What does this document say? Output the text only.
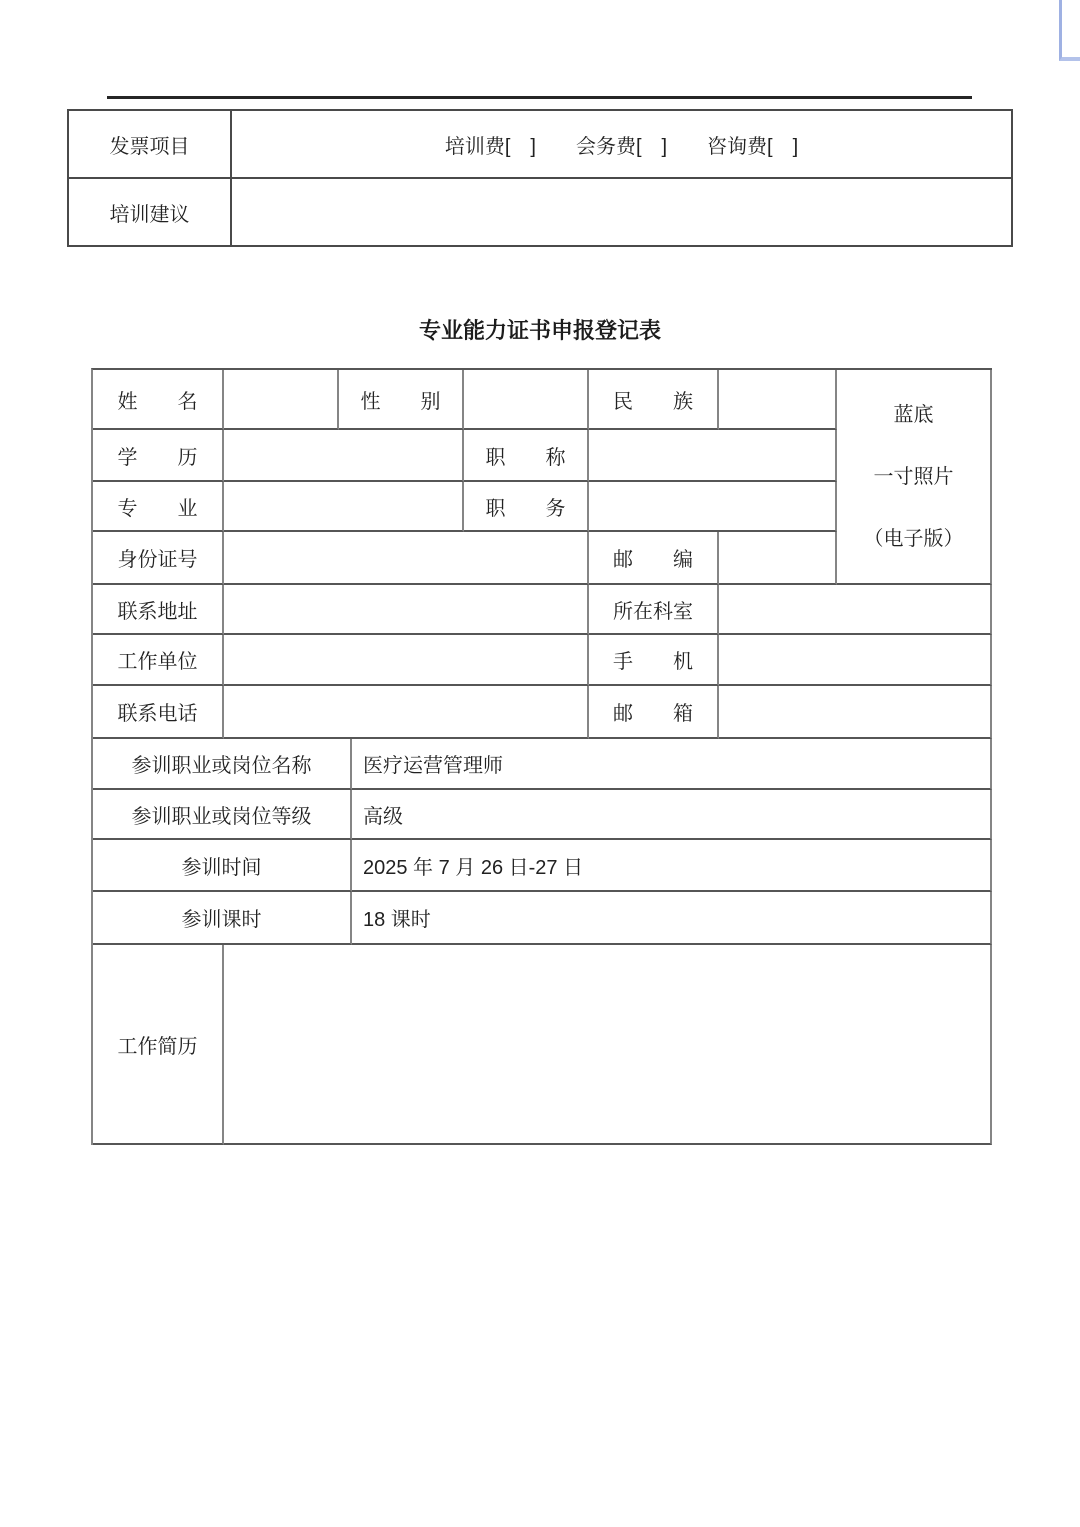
发票项目	培训费[　]　　会务费[　]　　咨询费[　]
培训建议
专业能力证书申报登记表
姓　　名	性　　别	民　　族
蓝底
一寸照片
（电子版）
学　　历	职　　称
专　　业	职　　务
身份证号	邮　　编
联系地址	所在科室
工作单位	手　　机
联系电话	邮　　箱
参训职业或岗位名称	医疗运营管理师
参训职业或岗位等级	高级
参训时间	2025 年 7 月 26 日-27 日
参训课时	18 课时
工作简历
